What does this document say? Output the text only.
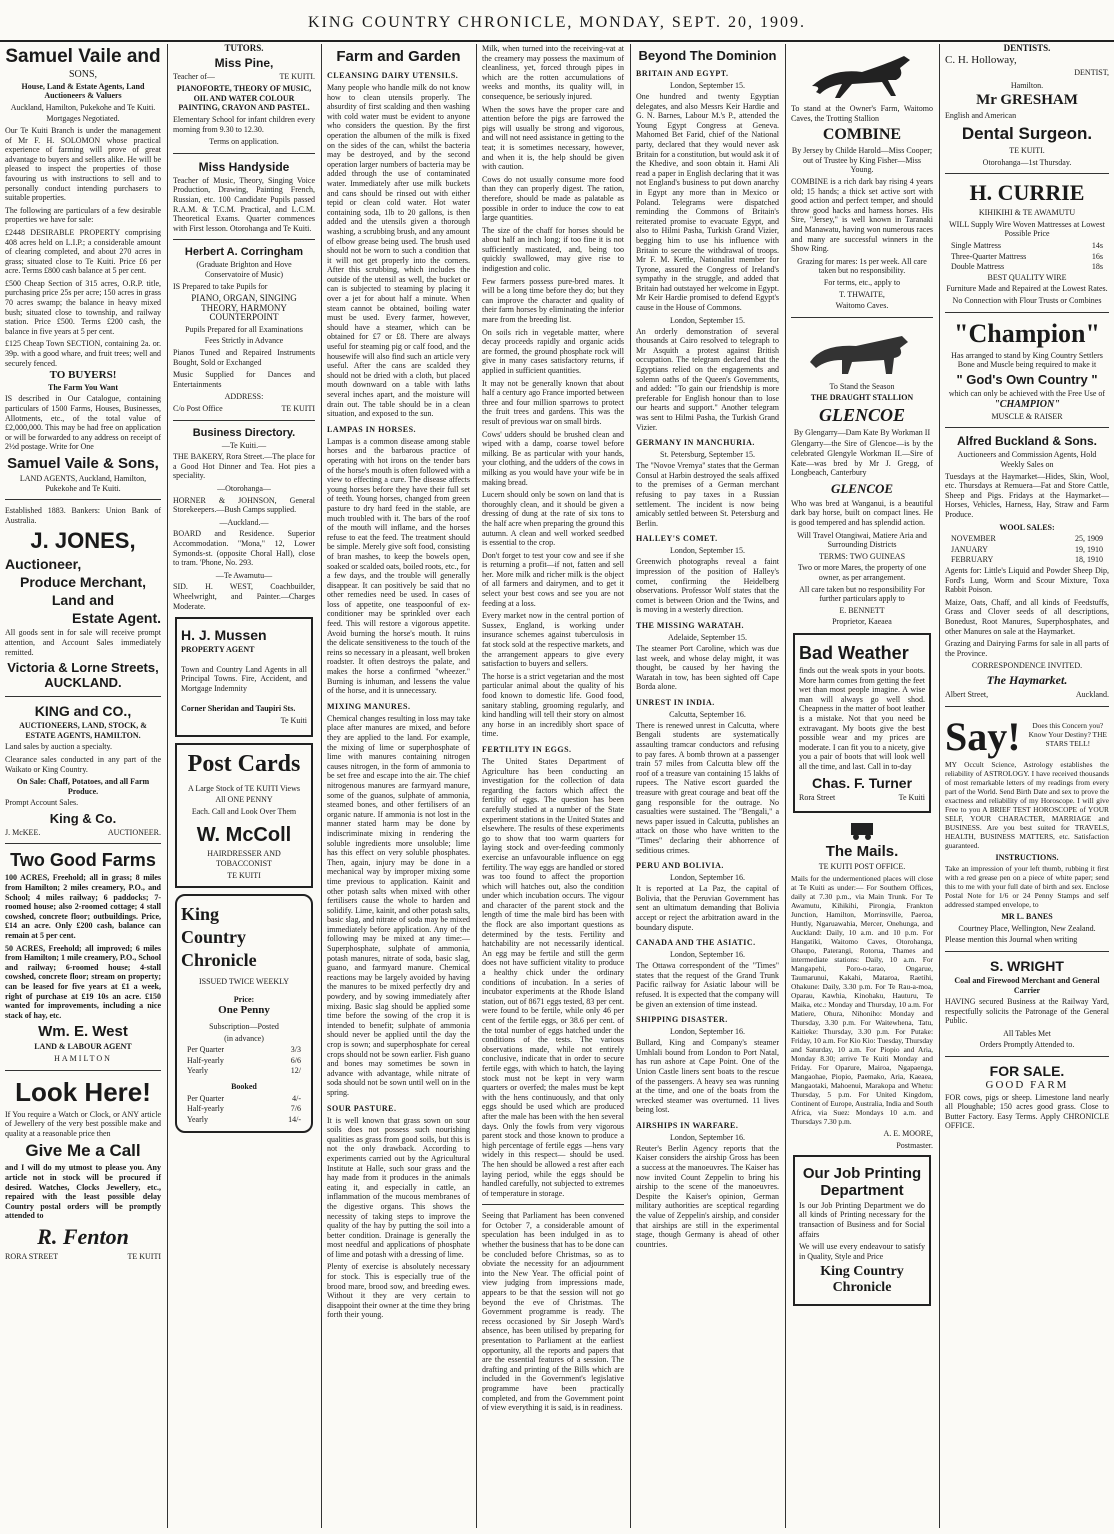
KING COUNTRY CHRONICLE, MONDAY, SEPT. 20, 1909.
Samuel Vaile and
SONS,
House, Land & Estate Agents, Land Auctioneers & Valuers
Auckland, Hamilton, Pukekohe and Te Kuiti.
Mortgages Negotiated.

Our Te Kuiti Branch is under the management of Mr F. H. SOLOMON whose practical experience of farming will prove of great advantage to buyers and sellers alike. He will be pleased to inspect the properties of those favouring us with instructions to sell and to personally conduct intending purchasers to suitable properties.

The following are particulars of a few desirable properties we have for sale:

£2448 DESIRABLE PROPERTY comprising 408 acres held on L.I.P.; a considerable amount of clearing completed, and about 270 acres in grass; situated close to Te Kuiti. Price £6 per acre. Terms £800 cash balance at 5 per cent.

£500 Cheap Section of 315 acres, O.R.P. title, purchasing price 25s per acre; 150 acres in grass 70 acres swamp; the balance in heavy mixed bush; situated close to township, and railway station. Price £500. Terms £200 cash, the balance in five years at 5 per cent.

£125 Cheap Town SECTION, containing 2a. or. 39p. with a good whare, and fruit trees; well and securely fenced.

TO BUYERS!
The Farm You Want

IS described in Our Catalogue, containing particulars of 1500 Farms, Houses, Businesses, Allotments, etc., of the total value of £2,000,000. This may be had free on application or will be forwarded to any address on receipt of 2½d postage. Write for One

Samuel Vaile & Sons,
LAND AGENTS, Auckland, Hamilton, Pukekohe and Te Kuiti.

Established 1883. Bankers: Union Bank of Australia.

J. JONES,
Auctioneer,
Produce Merchant,
Land and
Estate Agent.

All goods sent in for sale will receive prompt attention, and Account Sales immediately remitted.

Victoria & Lorne Streets, AUCKLAND.
KING and CO.,
AUCTIONEERS, LAND, STOCK, & ESTATE AGENTS, HAMILTON.

Land sales by auction a specialty.

Clearance sales conducted in any part of the Waikato or King Country.

On Sale: Chaff, Potatoes, and all Farm Produce.

Prompt Account Sales.

King & Co.
J. McKEE.	AUCTIONEER.
Two Good Farms

100 ACRES, Freehold; all in grass; 8 miles from Hamilton; 2 miles creamery, P.O., and School; 4 miles railway; 6 paddocks; 7-roomed house; also 2-roomed cottage; 4 stall cowshed, concrete floor; outbuildings. Price, £14 an acre. Only £200 cash, balance can remain at 5 per cent.

50 ACRES, Freehold; all improved; 6 miles from Hamilton; 1 mile creamery, P.O., School and railway; 6-roomed house; 4-stall cowshed, concrete floor; stream on property; can be leased for five years at £1 a week, right of purchase at £19 10s an acre. £150 wanted for improvements, including a nice stack of hay, etc.

Wm. E. West
LAND & LABOUR AGENT
HAMILTON
Look Here!

If You require a Watch or Clock, or ANY article of Jewellery of the very best possible make and quality at a reasonable price then

Give Me a Call

and I will do my utmost to please you. Any article not in stock will be procured if desired. Watches, Clocks Jewellery, etc., repaired with the least possible delay Country postal orders will be promptly attended to

R. Fenton
RORA STREET	TE KUITI
TUTORS.
Miss Pine,
Teacher of—	TE KUITI.
PIANOFORTE, THEORY OF MUSIC, OIL AND WATER COLOUR PAINTING, CRAYON AND PASTEL.

Elementary School for infant children every morning from 9.30 to 12.30.

Terms on application.
Miss Handyside

Teacher of Music, Theory, Singing Voice Production, Drawing, Painting French, Russian, etc. 100 Candidate Pupils passed R.A.M. & T.C.M. Practical, and L.C.M. Theoretical Exams. Quarter commences with First lesson. Otorohanga and Te Kuiti.

Herbert A. Corringham
(Graduate Brighton and Hove Conservatoire of Music)

IS Prepared to take Pupils for

PIANO, ORGAN, SINGING THEORY, HARMONY COUNTERPOINT

Pupils Prepared for all Examinations

Fees Strictly in Advance

Pianos Tuned and Repaired Instruments Bought, Sold or Exchanged

Music Supplied for Dances and Entertainments

ADDRESS:
C/o Post Office	TE KUITI
Business Directory.
—Te Kuiti.—

THE BAKERY, Rora Street.—The place for a Good Hot Dinner and Tea. Hot pies a speciality.

—Otorohanga—

HORNER & JOHNSON, General Storekeepers.—Bush Camps supplied.

—Auckland.—

BOARD and Residence. Superior Accommodation. "Mona," 12, Lower Symonds-st. (opposite Choral Hall), close to tram. 'Phone, No. 293.

—Te Awamutu—

SID. H. WEST, Coachbuilder, Wheelwright, and Painter.—Charges Moderate.

H. J. Mussen
PROPERTY AGENT

Town and Country Land Agents in all Principal Towns. Fire, Accident, and Mortgage Indemnity

Corner Sheridan and Taupiri Sts.

Te Kuiti
Post Cards
A Large Stock of TE KUITI Views
All ONE PENNY
Each. Call and Look Over Them
W. McColl
HAIRDRESSER AND TOBACCONIST
TE KUITI
King
Country
Chronicle
ISSUED TWICE WEEKLY
Price:
One Penny
Subscription—Posted
(in advance)
Per Quarter	3/3
Half-yearly	6/6
Yearly	12/
Booked
Per Quarter	4/-
Half-yearly	7/6
Yearly	14/-
Farm and Garden
CLEANSING DAIRY UTENSILS.

Many people who handle milk do not know how to clean utensils properly. The absurdity of first scalding and then washing with cold water must be evident to anyone who considers the question. By the first operation the albumen of the milk is fixed on the sides of the can, whilst the bacteria may be destroyed, and by the second operation larger numbers of bacteria may be added through the use of contaminated water. Immediately after use milk buckets and cans should be rinsed out with either tepid or clean cold water. Hot water containing soda, 1lb to 20 gallons, is then added and the utensils given a thorough washing, a scrubbing brush, and any amount of elbow grease being used. The brush used should not be worn to such a condition that it will not get properly into the corners. After this scrubbing, which includes the outside of the utensil as well, the bucket or can is subjected to steaming by placing it over a jet for about half a minute. When steam cannot be obtained, boiling water must be used. Every farmer, however, should have a steamer, which can be obtained for £7 or £8. There are always useful for steaming pig or calf food, and the housewife will also find such an article very useful. After the cans are scalded they should not be dried with a cloth, but placed mouth downward on a table with laths several inches apart, and the moisture will drain out. The table should be in a clean situation, and exposed to the sun.

LAMPAS IN HORSES.

Lampas is a common disease among stable horses and the barbarous practice of operating with hot irons on the tender bars of the horse's mouth is often followed with a view to effecting a cure. The disease affects young horses before they have their full set of teeth. Young horses, changed from green pasture to dry hard feed in the stable, are much troubled with it. The bars of the roof of the mouth will inflame, and the horses refuse to eat the feed. The treatment should be simple. Merely give soft food, consisting of bran mashes, to keep the bowels open, soaked or scalded oats, boiled roots, etc., for a few days, and the trouble will generally disappear. It can positively be said that no other remedies need be used. In cases of loss of appetite, one teaspoonful of ex-conditioner may be sprinkled over each feed. This will restore a vigorous appetite. Avoid burning the horse's mouth. It ruins the delicate sensitiveness to the touch of the reins so necessary in a pleasant, well broken roadster. It often destroys the palate, and makes the horse a confirmed "wheezer." Burning is inhuman, and lessens the value of the horse, and it is unnecessary.

MIXING MANURES.

Chemical changes resulting in loss may take place after manures are mixed, and before they are applied to the land. For example, the mixing of lime or superphosphate of lime with manures containing nitrogen causes nitrogen, in the form of ammonia to be set free and escape into the air. The chief nitrogenous manures are farmyard manure, some of the guanos, sulphate of ammonia, steamed bones, and other fertilisers of an organic nature. If ammonia is not lost in the manner stated harm may be done by indiscriminate mixing in rendering the soluble ingredients more unsoluble; lime has this effect on very soluble phosphates. Then, again, injury may be done in a mechanical way by improper mixing some time previous to application. Kainit and other potash salts when mixed with other fertilisers cause the whole to harden and solidify. Lime, kainit, and other potash salts, basic slag, and nitrate of soda may be mixed immediately before application. Any of the following may be mixed at any time:—Superphosphate, sulphate of ammonia, potash manures, nitrate of soda, basic slag, guano, and farmyard manure. Chemical reactions may be largely avoided by having the manures to be mixed perfectly dry and powdery, and by sowing immediately after mixing. Basic slag should be applied some time before the sowing of the crop it is intended to benefit; sulphate of ammonia should never be applied until the day the crop is sown; and superphosphate for cereal crops should not be sown earlier. Fish guano and bones may sometimes be sown in advance with advantage, while nitrate of soda should not be sown until well on in the spring.

SOUR PASTURE.

It is well known that grass sown on sour soils does not possess such nourishing qualities as grass from good soils, but this is not the only drawback. According to experiments carried out by the Agricultural Institute at Halle, such sour grass and the hay made from it produces in the animals eating it, and especially in cattle, an inflammation of the mucous membranes of the digestive organs. This shows the necessity of taking steps to improve the quality of the hay by putting the soil into a better condition. Drainage is generally the most needful and applications of phosphate of lime and potash with a dressing of lime.

Plenty of exercise is absolutely necessary for stock. This is especially true of the brood mare, brood sow, and breeding ewes. Without it they are very certain to disappoint their owner at the time they bring forth their young.

Milk, when turned into the receiving-vat at the creamery may possess the maximum of cleanliness, yet, forced through pipes in which are the rotten accumulations of weeks and months, its quality will, in consequence, be seriously injured.

When the sows have the proper care and attention before the pigs are farrowed the pigs will usually be strong and vigorous, and will not need assistance in getting to the teat; it is sometimes necessary, however, and when it is, the help should be given with caution.

Cows do not usually consume more food than they can properly digest. The ration, therefore, should be made as palatable as possible in order to induce the cow to eat large quantities.

The size of the chaff for horses should be about half an inch long; if too fine it is not sufficiently masticated, and, being too quickly swallowed, may give rise to indigestion and colic.

Few farmers possess pure-bred mares. It will be a long time before they do; but they can improve the character and quality of their farm horses by eliminating the inferior mare from the breeding list.

On soils rich in vegetable matter, where decay proceeds rapidly and organic acids are formed, the ground phosphate rock will give in many cases satisfactory returns, if applied in sufficient quantities.

It may not be generally known that about half a century ago France imported between three and four million sparrows to protect the fruit trees and gardens. This was the result of previous war on small birds.

Cows' udders should be brushed clean and wiped with a damp, coarse towel before milking. Be as particular with your hands, your clothing, and the udders of the cows in milking as you would have your wife be in making bread.

Lucern should only be sown on land that is thoroughly clean, and it should be given a dressing of dung at the rate of six tons to the half acre when preparing the ground this autumn. A clean and well worked seedbed is essential to the crop.

Don't forget to test your cow and see if she is returning a profit—if not, fatten and sell her. More milk and richer milk is the object of all farmers and dairymen, and to get it select your best cows and see you are not feeding at a loss.

Every market now in the central portion of Sussex, England, is working under insurance schemes against tuberculosis in fat stock sold at the respective markets, and the arrangement appears to give every satisfaction to buyers and sellers.

The horse is a strict vegetarian and the most particular animal about the quality of his food known to domestic life. Good food, sanitary stabling, grooming regularly, and kind handling will tell their story on almost any horse in an incredibly short space of time.

FERTILITY IN EGGS.

The United States Department of Agriculture has been conducting an investigation for the collection of data regarding the factors which affect the fertility of eggs. The question has been carefully studied at a number of the State experiment stations in the United States and elsewhere. The results of these experiments go to show that too warm quarters for laying stock and over-feeding commonly exercise an unfavourable influence on egg fertility. The way eggs are handled or stored was too found to affect the proportion which will hatches out, also the condition under which incubation occurs. The vigour and character of the parent stock and the length of time the male bird has been with the flock are also important questions as determined by the tests. Fertility and hatchability are not necessarily identical. An egg may be fertile and still the germ does not have sufficient vitality to produce a healthy chick under the ordinary conditions of incubation. In a series of incubator experiments at the Rhode Island station, out of 8671 eggs tested, 83 per cent. were found to be fertile, while only 46 per cent of the fertile eggs, or 38.6 per cent. of the total number of eggs hatched under the conditions of the tests. The various observations made, while not entirely conclusive, indicate that in order to secure fertile eggs, with which to hatch, the laying stock must not be kept in very warm quarters or overfed; the males must be kept with the hens continuously, and that only eggs should be used which are produced after the male has been with the hen several days. Only the fowls from very vigorous parent stock and those known to produce a high percentage of fertile eggs —hens vary widely in this respect— should be used. The hen should be allowed a rest after each laying period, while the eggs should be handled carefully, not subjected to extremes of temperature in storage.

Seeing that Parliament has been convened for October 7, a considerable amount of speculation has been indulged in as to whether the business that has to be done can be concluded before Christmas, so as to obviate the necessity for an adjournment into the New Year. The official point of view judging from impressions made, appears to be that the session will not go beyond the eve of Christmas. The Government programme is ready. The recess occasioned by Sir Joseph Ward's absence, has been utilised by preparing for presentation to Parliament at the earliest opportunity, all the reports and papers that are the essential features of a session. The drafting and printing of the Bills which are included in the Government's legislative programme have been practically completed, and from the Government point of view everything it is said, is in readiness.

Beyond The Dominion
BRITAIN AND EGYPT.
London, September 15.

One hundred and twenty Egyptian delegates, and also Messrs Keir Hardie and G. N. Barnes, Labour M.'s P., attended the Young Egypt Congress at Geneva. Mahomed Bet Farid, chief of the National party, declared that they would never ask Britain for a constitution, but would ask it of the Khedive, and soon obtain it. Hami Ali read a paper in English declaring that it was not England's business to put down anarchy in Egypt any more than in Mexico or Poland. Telegrams were dispatched reminding the Commons of Britain's reiterated promise to evacuate Egypt, and also to Hilmi Pasha, Turkish Grand Vizier, begging him to use his influence with Britain to secure the withdrawal of troops. Mr F. M. Kettle, Nationalist member for Tyrone, assured the Congress of Ireland's sympathy in the struggle, and added that Britain had outstayed her welcome in Egypt. Mr Keir Hardie promised to defend Egypt's cause in the House of Commons.

London, September 15.

An orderly demonstration of several thousands at Cairo resolved to telegraph to Mr Asquith a protest against British occupation. The telegram declared that the Egyptians relied on the engagements and solemn oaths of the Queen's Governments, and added: "To gain our friendship is more preferable for English honour than to lose our hearts and support." Another telegram was sent to Hilmi Pasha, the Turkish Grand Vizier.

GERMANY IN MANCHURIA.
St. Petersburg, September 15.

The "Novoe Vremya" states that the German Consul at Harbin destroyed the seals affixed to the premises of a German merchant refusing to pay taxes in a Russian settlement. The incident is now being amicably settled between St. Petersburg and Berlin.

HALLEY'S COMET.
London, September 15.

Greenwich photographs reveal a faint impression of the position of Halley's comet, confirming the Heidelberg observations. Professor Wolf states that the comet is between Orion and the Twins, and is moving in a westerly direction.

THE MISSING WARATAH.
Adelaide, September 15.

The steamer Port Caroline, which was due last week, and whose delay might, it was thought, be caused by her having the Waratah in tow, has been sighted off Cape Borda alone.

UNREST IN INDIA.
Calcutta, September 16.

There is renewed unrest in Calcutta, where Bengali students are systematically assaulting tramcar conductors and refusing to pay fares. A bomb thrown at a passenger train 57 miles from Calcutta blew off the roof of a treasure van containing 15 lakhs of rupees. The Native escort guarded the treasure with great courage and beat off the gang responsible for the outrage. No casualties were sustained. The "Bengali," a news paper issued in Calcutta, publishes an attack on those who have written to the "Times" declaring their abhorrence of seditious crimes.

PERU AND BOLIVIA.
London, September 16.

It is reported at La Paz, the capital of Bolivia, that the Peruvian Government has sent an ultimatum demanding that Bolivia accept or reject the arbitration award in the boundary dispute.

CANADA AND THE ASIATIC.
London, September 16.

The Ottawa correspondent of the "Times" states that the request of the Grand Trunk Pacific railway for Asiatic labour will be refused. It is expected that the company will be given an extension of time instead.

SHIPPING DISASTER.
London, September 16.

Bullard, King and Company's steamer Umhlali bound from London to Port Natal, has run ashore at Cape Point. One of the Union Castle liners sent boats to the rescue of the passengers. A heavy sea was running at the time, and one of the boats from the wrecked steamer was overturned. 11 lives being lost.

AIRSHIPS IN WARFARE.
London, September 16.

Reuter's Berlin Agency reports that the Kaiser considers the airship Gross has been a success at the manoeuvres. The Kaiser has now invited Count Zeppelin to bring his airship to the scene of the manoeuvres. Despite the Kaiser's opinion, German military authorities are sceptical regarding the value of Zeppelin's airship, and consider that airships are still in the experimental stage, though Germany is ahead of other countries.

To stand at the Owner's Farm, Waitomo Caves, the Trotting Stallion

COMBINE

By Jersey by Childe Harold—Miss Cooper; out of Trustee by King Fisher—Miss Young.

COMBINE is a rich dark bay rising 4 years old; 15 hands; a thick set active sort with good action and perfect temper, and should throw good hacks and harness horses. His Sire, "Jersey," is well known in Taranaki and Manawatu, having won numerous races and many are successful winners in the Show Ring.

Grazing for mares: 1s per week. All care taken but no responsibility.

For terms, etc., apply to

T. THWAITE,
Waitomo Caves.
To Stand the Season
THE DRAUGHT STALLION
GLENCOE

By Glengarry—Dam Kate By Workman II

Glengarry—the Sire of Glencoe—is by the celebrated Glengyle Workman II.—Sire of Kate—was bred by Mr J. Gregg, of Longbeach, Canterbury

GLENCOE

Who was bred at Wanganui, is a beautiful dark bay horse, built on compact lines. He is good tempered and has splendid action.

Will Travel Otangiwai, Matiere Aria and Surrounding Districts

TERMS: TWO GUINEAS

Two or more Mares, the property of one owner, as per arrangement.

All care taken but no responsibility For further particulars apply to

E. BENNETT
Proprietor, Kaeaea
Bad Weather

finds out the weak spots in your boots. More harm comes from getting the feet wet than most people imagine. A wise man will always go well shod. Cheapness in the matter of boot leather is a mistake. Not that you need be extravagant. My boots give the best possible wear and my prices are moderate. I can fit you to a nicety, give you a pair of boots that will look well all the time, and last. Call in to-day

Chas. F. Turner
Rora Street	Te Kuiti
The Mails.
TE KUITI POST OFFICE.

Mails for the undermentioned places will close at Te Kuiti as under:— For Southern Offices, daily at 7.30 p.m., via Main Trunk. For Te Awamutu, Kihikihi, Pirongia, Frankton Junction, Hamilton, Morrinsville, Paeroa, Huntly, Ngaruawahia, Mercer, Onehunga, and Auckland: Daily, 10 a.m. and 10 p.m. For Hangatiki, Waitomo Caves, Otorohanga, Ohaupo, Paterangi, Rotorua, Thames and intermediate stations: Daily, 10 a.m. For Mangapehi, Poro-o-tarao, Ongarue, Taumarunui, Kakahi, Mataroa, Raetihi, Ohakune: Daily, 3.30 p.m. For Te Rau-a-moa, Oparau, Kawhia, Kinohaku, Hauturu, Te Maika, etc.: Monday and Thursday, 10 a.m. For Matiere, Ohura, Nihoniho: Monday and Thursday, 3.30 p.m. For Waitewhena, Tatu, Kaitieke: Thursday, 3.30 p.m. For Putake: Friday, 10 a.m. For Kio Kio: Tuesday, Thursday and Saturday, 10 a.m. For Piopio and Aria, Monday 8.30; arrive Te Kuiti Monday and Friday. For Oparure, Mairoa, Ngapaenga, Mangaohae, Piopio, Paemako, Aria, Kaeaea, Mangaotaki, Mahoenui, Marakopa and Whetu: Thursday, 5 p.m. For United Kingdom, Continent of Europe, Australia, India and South Africa, via Suez: Mondays 10 a.m. and Thursdays 7.30 p.m.

A. E. MOORE,
Postmaster.
Our Job Printing Department

Is our Job Printing Department we do all kinds of Printing necessary for the transaction of Business and for Social affairs

We will use every endeavour to satisfy in Quality, Style and Price

King Country Chronicle
DENTISTS.
C. H. Holloway,
DENTIST,
Hamilton.
Mr GRESHAM
English and American
Dental Surgeon.
TE KUITI.
Otorohanga—1st Thursday.
H. CURRIE
KIHIKIHI & TE AWAMUTU

WILL Supply Wire Woven Mattresses at Lowest Possible Price

Single Mattress	14s
Three-Quarter Mattress	16s
Double Mattress	18s
BEST QUALITY WIRE

Furniture Made and Repaired at the Lowest Rates.

No Connection with Flour Trusts or Combines

"Champion"

Has arranged to stand by King Country Settlers Bone and Muscle being required to make it

" God's Own Country "

which can only be achieved with the Free Use of

"CHAMPION"
MUSCLE & RAISER
Alfred Buckland & Sons.

Auctioneers and Commission Agents, Hold Weekly Sales on

Tuesdays at the Haymarket—Hides, Skin, Wool, etc. Thursdays at Remuera—Fat and Store Cattle, Sheep and Pigs. Fridays at the Haymarket—Horses, Vehicles, Harness, Hay, Straw and Farm Produce.

WOOL SALES:
NOVEMBER	25, 1909
JANUARY	19, 1910
FEBRUARY	18, 1910

Agents for: Little's Liquid and Powder Sheep Dip, Ford's Lung, Worm and Scour Mixture, Toxa Rabbit Poison.

Maize, Oats, Chaff, and all kinds of Feedstuffs, Grass and Clover seeds of all descriptions, Bonedust, Root Manures, Superphosphates, and other Manures on sale at the Haymarket.

Grazing and Dairying Farms for sale in all parts of the Province.

CORRESPONDENCE INVITED.
The Haymarket.
Albert Street,	Auckland.
Say!	Does this Concern you? Know Your Destiny? THE STARS TELL!

MY Occult Science, Astrology establishes the reliability of ASTROLOGY. I have received thousands of most remarkable letters of my readings from every part of the World. Send Birth Date and sex to prove the exactness and reliability of my Horoscope. I will give Free to you A BRIEF TEST HOROSCOPE of YOUR SELF, YOUR CHARACTER, MARRIAGE and BUSINESS. Are you best suited for TRAVELS, HEALTH, BUSINESS MATTERS, etc. Satisfaction guaranteed.

INSTRUCTIONS.

Take an impression of your left thumb, rubbing it first with a red grease pen on a piece of white paper; send this to me with your full date of birth and sex. Enclose Postal Note for 1/6 or 24 Penny Stamps and self addressed stamped envelope, to

MR L. BANES
Courtney Place, Wellington, New Zealand.

Please mention this Journal when writing

S. WRIGHT
Coal and Firewood Merchant and General Carrier

HAVING secured Business at the Railway Yard, respectfully solicits the Patronage of the General Public.

All Tables Met
Orders Promptly Attended to.
FOR SALE.
GOOD FARM

FOR cows, pigs or sheep. Limestone land nearly all Ploughable; 150 acres good grass. Close to Butter Factory. Easy Terms. Apply CHRONICLE OFFICE.
